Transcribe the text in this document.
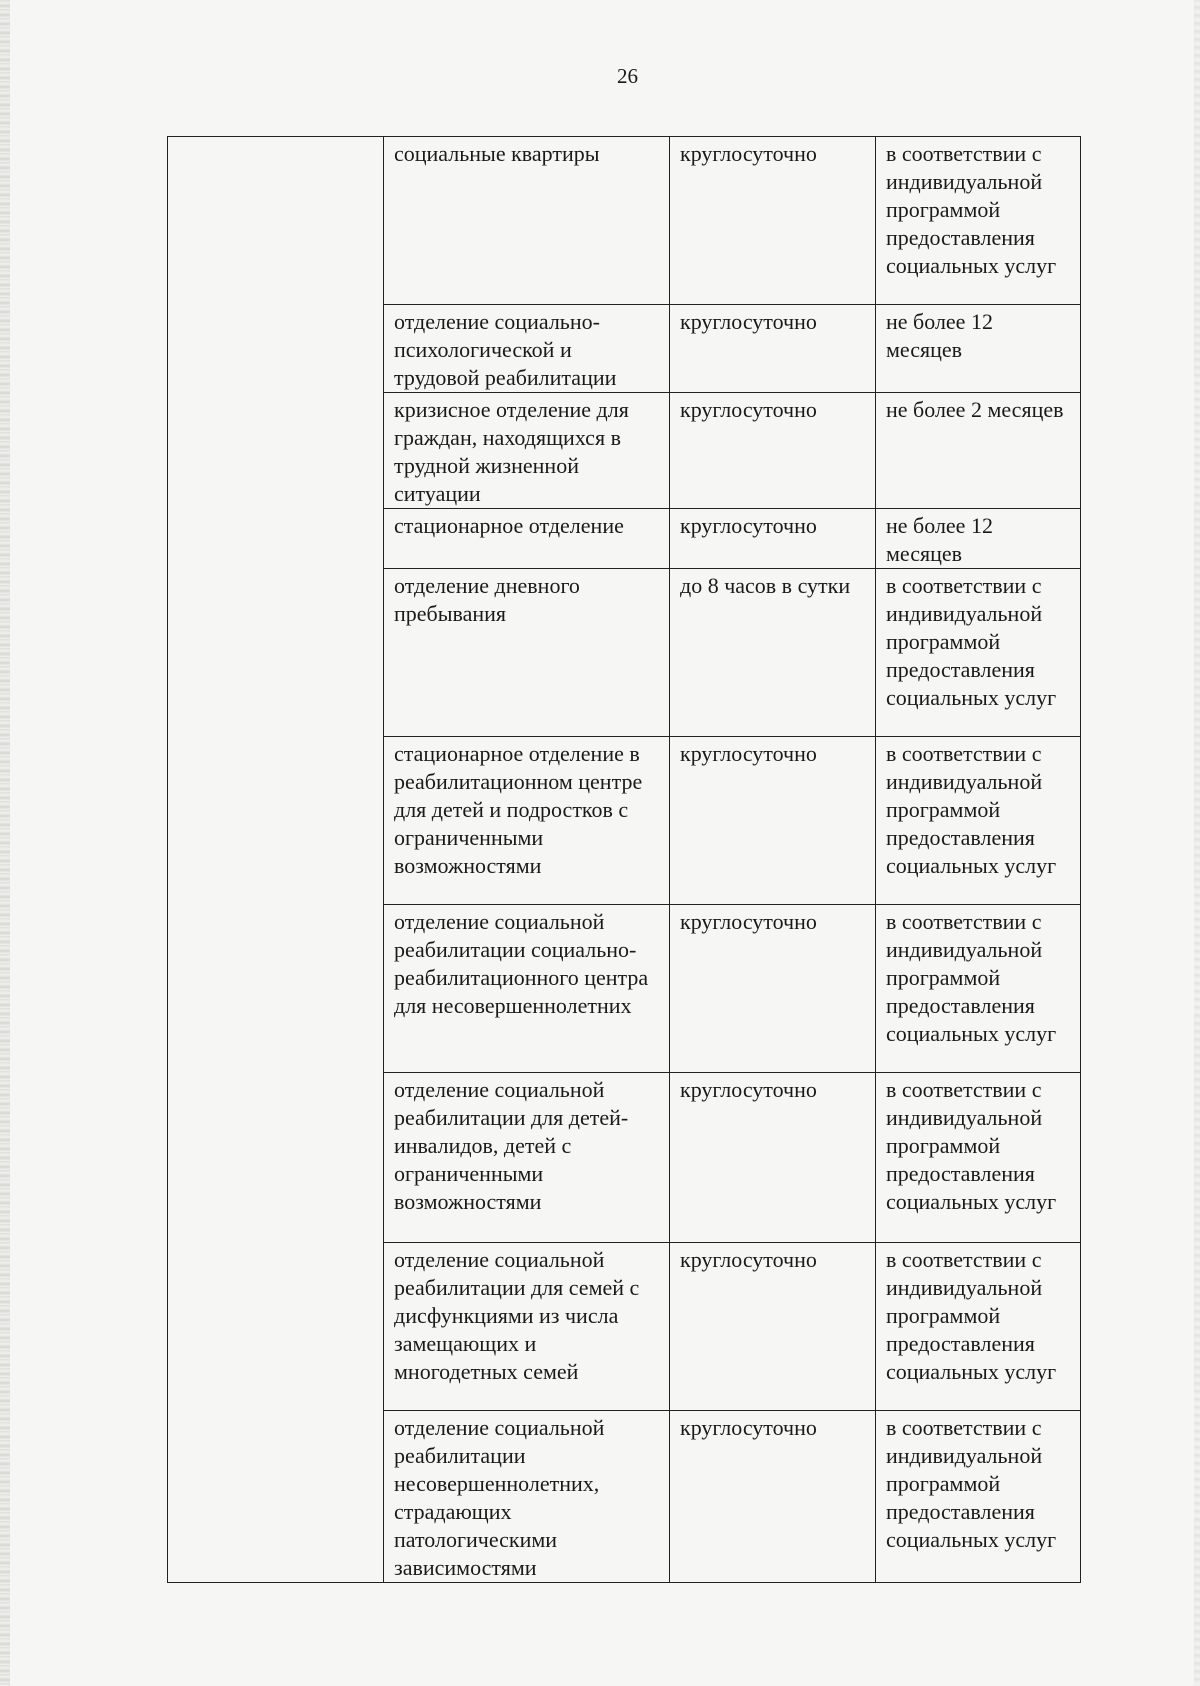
26
	социальные квартиры	круглосуточно	в соответствии с индивидуальной программой предоставления социальных услуг
	отделение социально-психологической и трудовой реабилитации	круглосуточно	не более 12 месяцев
	кризисное отделение для граждан, находящихся в трудной жизненной ситуации	круглосуточно	не более 2 месяцев
	стационарное отделение	круглосуточно	не более 12 месяцев
	отделение дневного пребывания	до 8 часов в сутки	в соответствии с индивидуальной программой предоставления социальных услуг
	стационарное отделение в реабилитационном центре для детей и подростков с ограниченными возможностями	круглосуточно	в соответствии с индивидуальной программой предоставления социальных услуг
	отделение социальной реабилитации социально-реабилитационного центра для несовершеннолетних	круглосуточно	в соответствии с индивидуальной программой предоставления социальных услуг
	отделение социальной реабилитации для детей-инвалидов, детей с ограниченными возможностями	круглосуточно	в соответствии с индивидуальной программой предоставления социальных услуг
	отделение социальной реабилитации для семей с дисфункциями из числа замещающих и многодетных семей	круглосуточно	в соответствии с индивидуальной программой предоставления социальных услуг
	отделение социальной реабилитации несовершеннолетних, страдающих патологическими зависимостями	круглосуточно	в соответствии с индивидуальной программой предоставления социальных услуг
